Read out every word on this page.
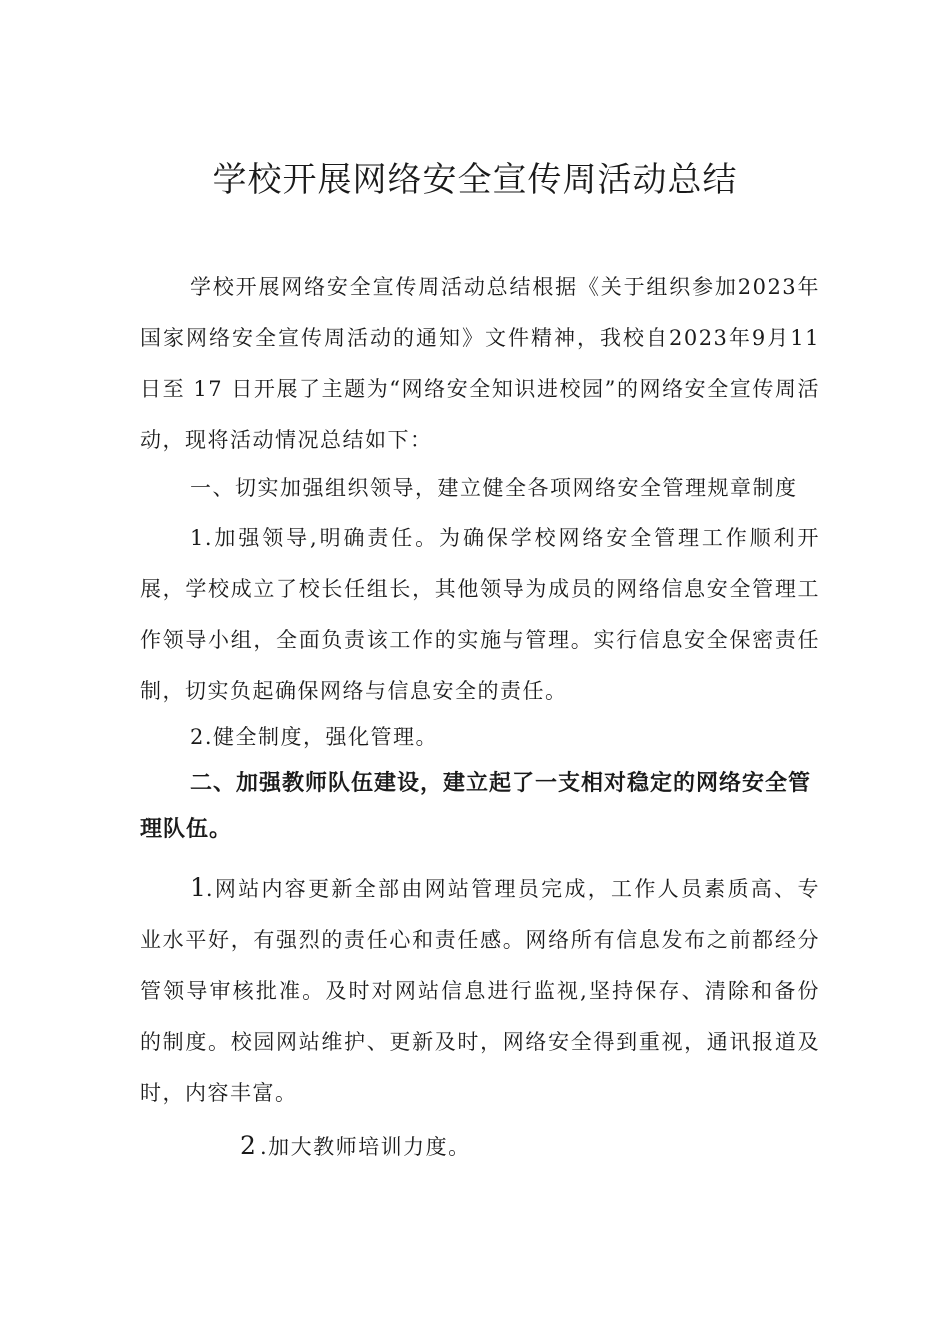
学校开展网络安全宣传周活动总结

学校开展网络安全宣传周活动总结根据《关于组织参加2023年国家网络安全宣传周活动的通知》文件精神，我校自2023年9月11日至 17 日开展了主题为“网络安全知识进校园”的网络安全宣传周活动，现将活动情况总结如下：

一、切实加强组织领导，建立健全各项网络安全管理规章制度

1.加强领导,明确责任。为确保学校网络安全管理工作顺利开展，学校成立了校长任组长，其他领导为成员的网络信息安全管理工作领导小组，全面负责该工作的实施与管理。实行信息安全保密责任制，切实负起确保网络与信息安全的责任。

2.健全制度，强化管理。

二、加强教师队伍建设，建立起了一支相对稳定的网络安全管理队伍。

1.网站内容更新全部由网站管理员完成，工作人员素质高、专业水平好，有强烈的责任心和责任感。网络所有信息发布之前都经分管领导审核批准。及时对网站信息进行监视,坚持保存、清除和备份的制度。校园网站维护、更新及时，网络安全得到重视，通讯报道及时，内容丰富。

2 .加大教师培训力度。
